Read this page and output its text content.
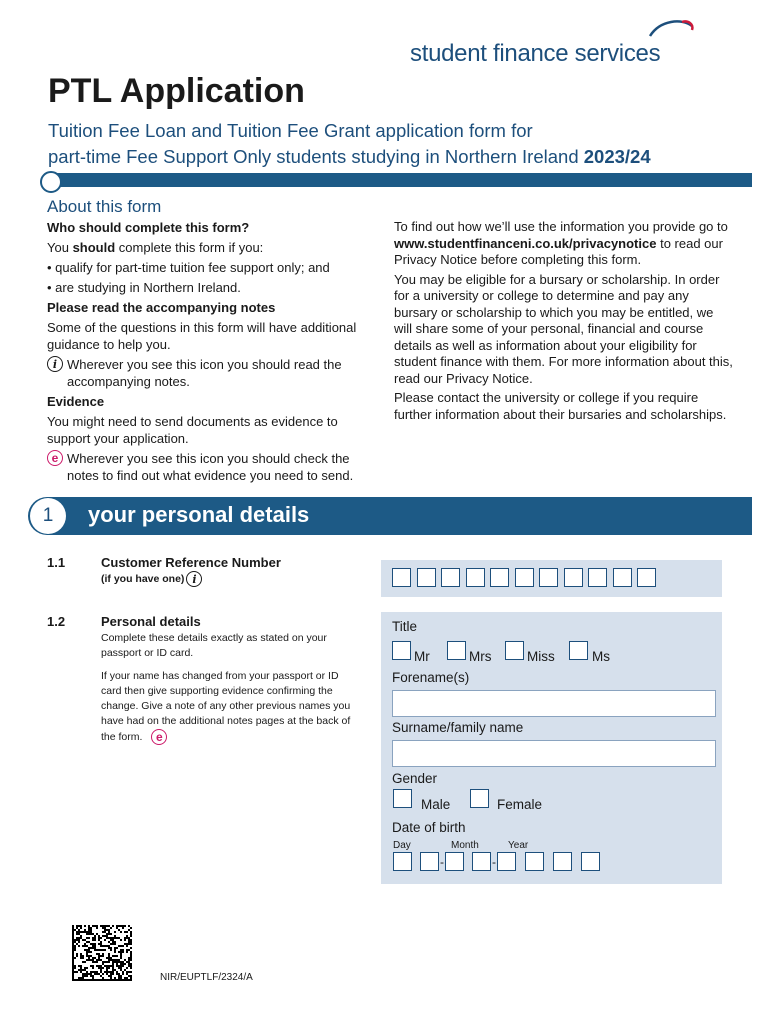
student finance services
PTL Application
Tuition Fee Loan and Tuition Fee Grant application form for
part-time Fee Support Only students studying in Northern Ireland 2023/24
About this form

Who should complete this form?

You should complete this form if you:

• qualify for part-time tuition fee support only; and

• are studying in Northern Ireland.

Please read the accompanying notes

Some of the questions in this form will have additional guidance to help you.

i Wherever you see this icon you should read the accompanying notes.

Evidence

You might need to send documents as evidence to support your application.

e Wherever you see this icon you should check the notes to find out what evidence you need to send.

To find out how we’ll use the information you provide go to www.studentfinanceni.co.uk/privacynotice to read our Privacy Notice before completing this form.

You may be eligible for a bursary or scholarship. In order for a university or college to determine and pay any bursary or scholarship to which you may be entitled, we will share some of your personal, financial and course details as well as information about your eligibility for student finance with them. For more information about this, read our Privacy Notice.

Please contact the university or college if you require further information about their bursaries and scholarships.

1	your personal details
1.1	Customer Reference Number
(if you have one) i
1.2	Personal details
Complete these details exactly as stated on your passport or ID card.
If your name has changed from your passport or ID card then give supporting evidence confirming the change. Give a note of any other previous names you have had on the additional notes pages at the back of the form. e
Title
Mr	Mrs	Miss	Ms
Forename(s)
Surname/family name
Gender
Male	Female
Date of birth
Day	Month	Year
-	-
NIR/EUPTLF/2324/A
